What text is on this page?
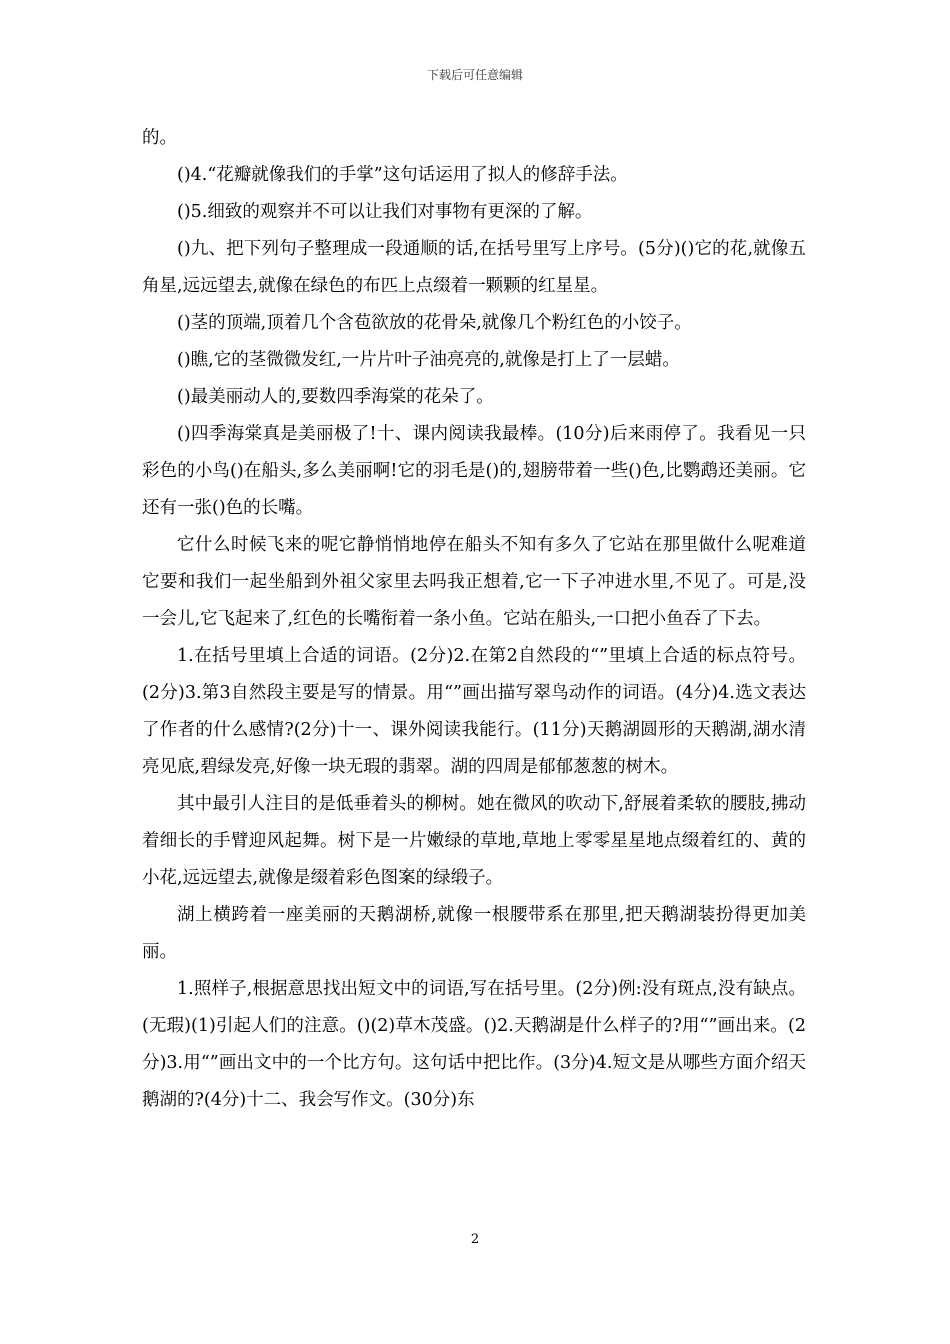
下载后可任意编辑

的。

()4.“花瓣就像我们的手掌”这句话运用了拟人的修辞手法。

()5.细致的观察并不可以让我们对事物有更深的了解。

()九、把下列句子整理成一段通顺的话,在括号里写上序号。(5分)()它的花,就像五角星,远远望去,就像在绿色的布匹上点缀着一颗颗的红星星。

()茎的顶端,顶着几个含苞欲放的花骨朵,就像几个粉红色的小饺子。

()瞧,它的茎微微发红,一片片叶子油亮亮的,就像是打上了一层蜡。

()最美丽动人的,要数四季海棠的花朵了。

()四季海棠真是美丽极了!十、课内阅读我最棒。(10分)后来雨停了。我看见一只彩色的小鸟()在船头,多么美丽啊!它的羽毛是()的,翅膀带着一些()色,比鹦鹉还美丽。它还有一张()色的长嘴。

它什么时候飞来的呢它静悄悄地停在船头不知有多久了它站在那里做什么呢难道它要和我们一起坐船到外祖父家里去吗我正想着,它一下子冲进水里,不见了。可是,没一会儿,它飞起来了,红色的长嘴衔着一条小鱼。它站在船头,一口把小鱼吞了下去。

1.在括号里填上合适的词语。(2分)2.在第2自然段的“”里填上合适的标点符号。(2分)3.第3自然段主要是写的情景。用“”画出描写翠鸟动作的词语。(4分)4.选文表达了作者的什么感情?(2分)十一、课外阅读我能行。(11分)天鹅湖圆形的天鹅湖,湖水清亮见底,碧绿发亮,好像一块无瑕的翡翠。湖的四周是郁郁葱葱的树木。

其中最引人注目的是低垂着头的柳树。她在微风的吹动下,舒展着柔软的腰肢,拂动着细长的手臂迎风起舞。树下是一片嫩绿的草地,草地上零零星星地点缀着红的、黄的小花,远远望去,就像是缀着彩色图案的绿缎子。

湖上横跨着一座美丽的天鹅湖桥,就像一根腰带系在那里,把天鹅湖装扮得更加美丽。

1.照样子,根据意思找出短文中的词语,写在括号里。(2分)例:没有斑点,没有缺点。(无瑕)(1)引起人们的注意。()(2)草木茂盛。()2.天鹅湖是什么样子的?用“”画出来。(2分)3.用“”画出文中的一个比方句。这句话中把比作。(3分)4.短文是从哪些方面介绍天鹅湖的?(4分)十二、我会写作文。(30分)东

2
